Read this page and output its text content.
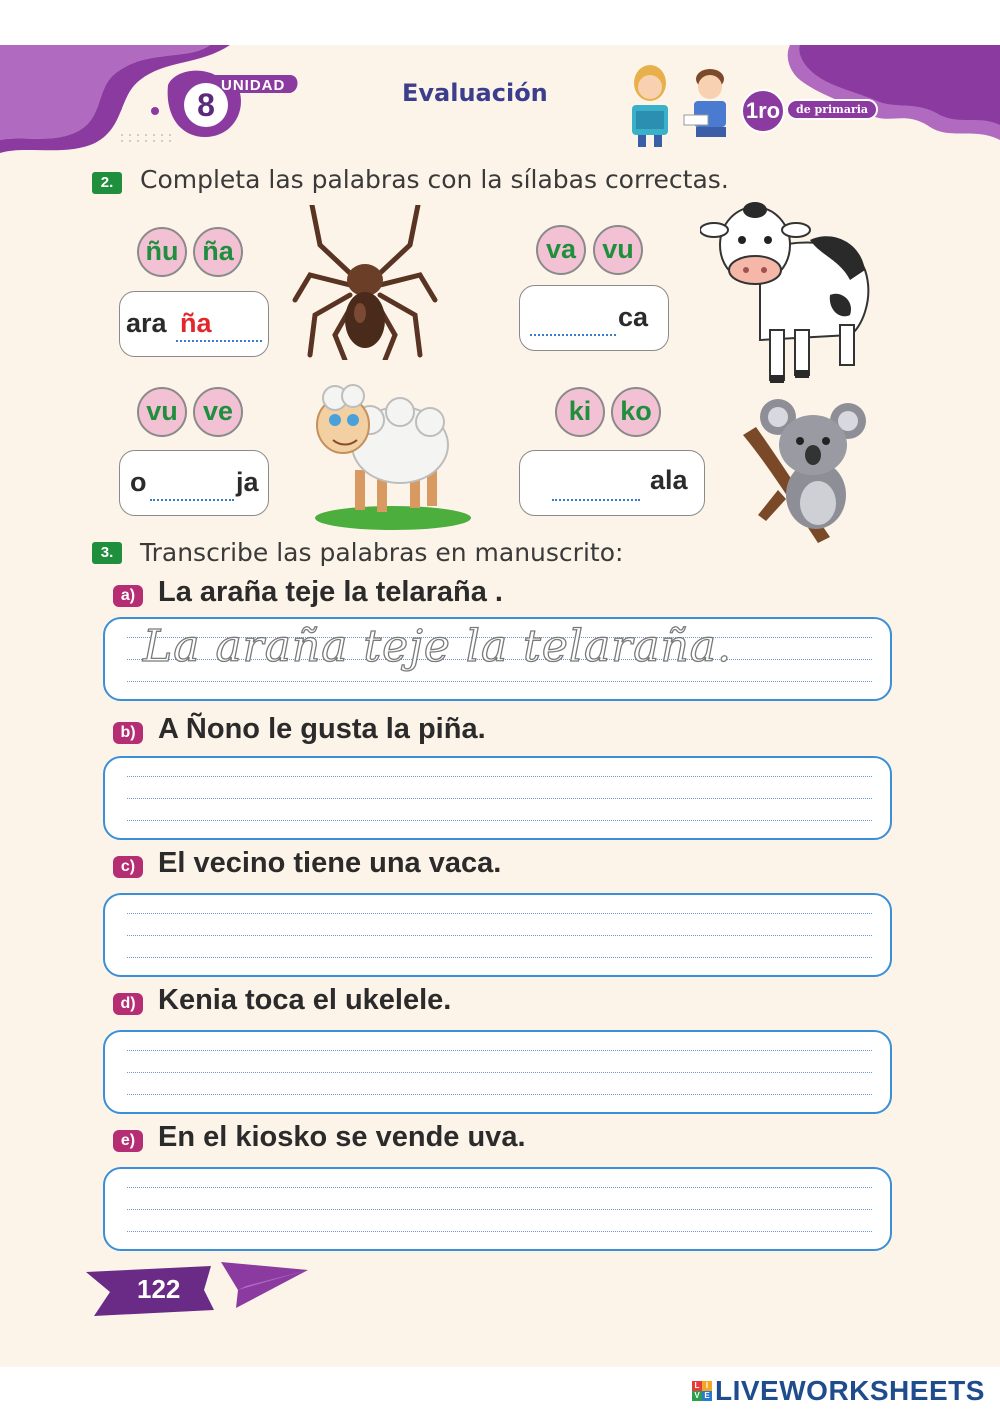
UNIDAD
8	Evaluación
1ro	de primaria
2.	Completa las palabras con la sílabas correctas.
ñu ña
ara ña
va vu
ca
vu ve
o	ja
ki	ko
ala
3.	Transcribe las palabras en manuscrito:
a) La araña teje la telaraña .
La araña teje la telaraña.
b) A Ñono le gusta la piña.
c) El vecino tiene una vaca.
d) Kenia toca el ukelele.
e) En el kiosko se vende uva.
122
L I
V E LIVEWORKSHEETS
